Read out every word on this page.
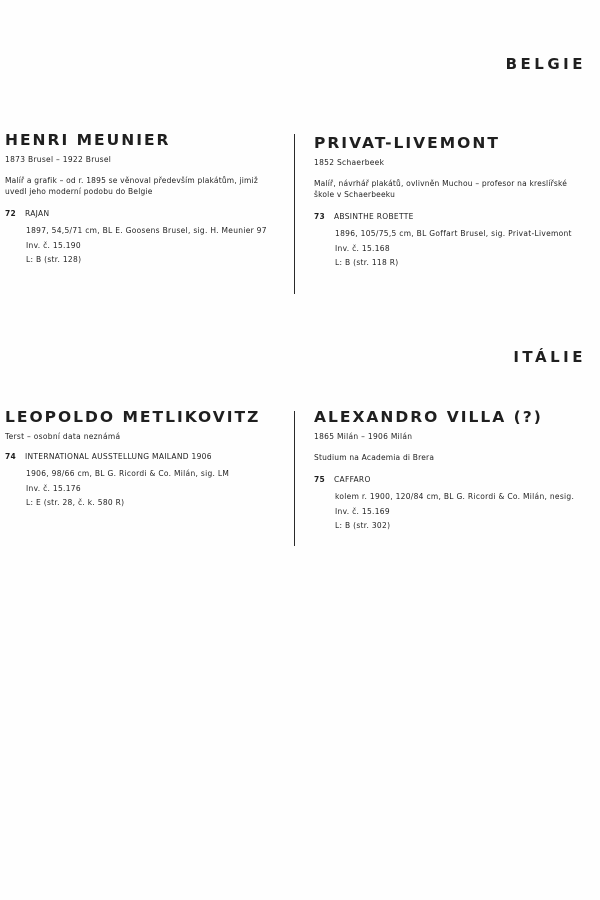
BELGIE
HENRI MEUNIER
1873 Brusel – 1922 Brusel
Malíř a grafik – od r. 1895 se věnoval především plakátům, jimiž uvedl jeho moderní podobu do Belgie
72 RAJAN
1897, 54,5/71 cm, BL E. Goosens Brusel, sig. H. Meunier 97
Inv. č. 15.190
L: B (str. 128)
PRIVAT-LIVEMONT
1852 Schaerbeek
Malíř, návrhář plakátů, ovlivněn Muchou – profesor na kreslířské škole v Schaerbeeku
73 ABSINTHE ROBETTE
1896, 105/75,5 cm, BL Goffart Brusel, sig. Privat-Livemont
Inv. č. 15.168
L: B (str. 118 R)
ITÁLIE
LEOPOLDO METLIKOVITZ
Terst – osobní data neznámá
74 INTERNATIONAL AUSSTELLUNG MAILAND 1906
1906, 98/66 cm, BL G. Ricordi & Co. Milán, sig. LM
Inv. č. 15.176
L: E (str. 28, č. k. 580 R)
ALEXANDRO VILLA (?)
1865 Milán – 1906 Milán
Studium na Academia di Brera
75 CAFFARO
kolem r. 1900, 120/84 cm, BL G. Ricordi & Co. Milán, nesig.
Inv. č. 15.169
L: B (str. 302)
